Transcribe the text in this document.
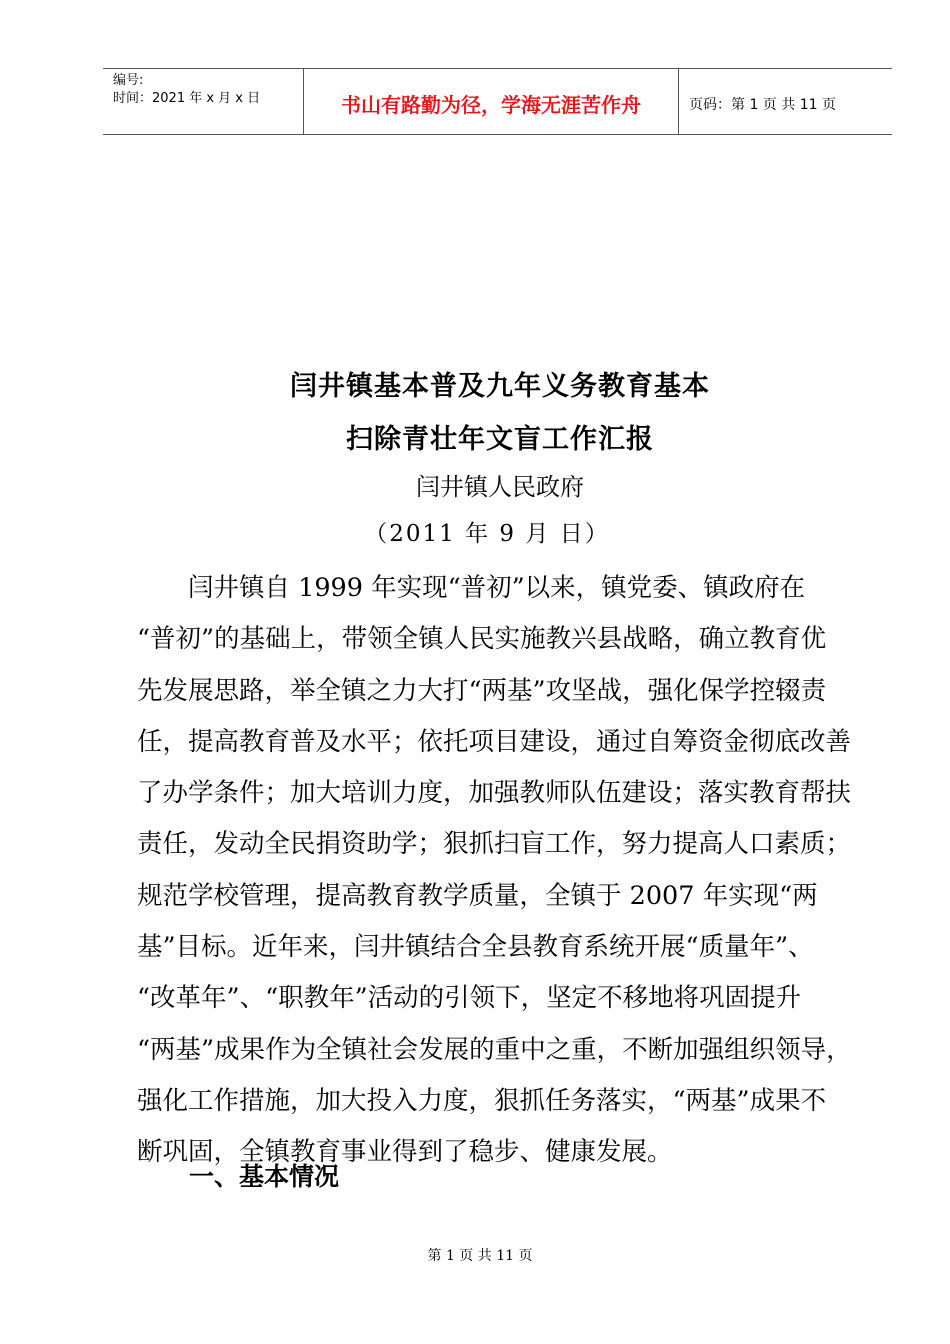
编号:
时间：2021 年 x 月 x 日	书山有路勤为径，学海无涯苦作舟	页码：第 1 页 共 11 页
闫井镇基本普及九年义务教育基本
扫除青壮年文盲工作汇报
闫井镇人民政府
（2011 年 9 月 日）
　　闫井镇自 1999 年实现“普初”以来，镇党委、镇政府在
“普初”的基础上，带领全镇人民实施教兴县战略，确立教育优
先发展思路，举全镇之力大打“两基”攻坚战，强化保学控辍责
任，提高教育普及水平；依托项目建设，通过自筹资金彻底改善
了办学条件；加大培训力度，加强教师队伍建设；落实教育帮扶
责任，发动全民捐资助学；狠抓扫盲工作，努力提高人口素质；
规范学校管理，提高教育教学质量，全镇于 2007 年实现“两
基”目标。近年来，闫井镇结合全县教育系统开展“质量年”、
“改革年”、“职教年”活动的引领下，坚定不移地将巩固提升
“两基”成果作为全镇社会发展的重中之重，不断加强组织领导，
强化工作措施，加大投入力度，狠抓任务落实，“两基”成果不
断巩固，全镇教育事业得到了稳步、健康发展。
一、基本情况
第 1 页 共 11 页
